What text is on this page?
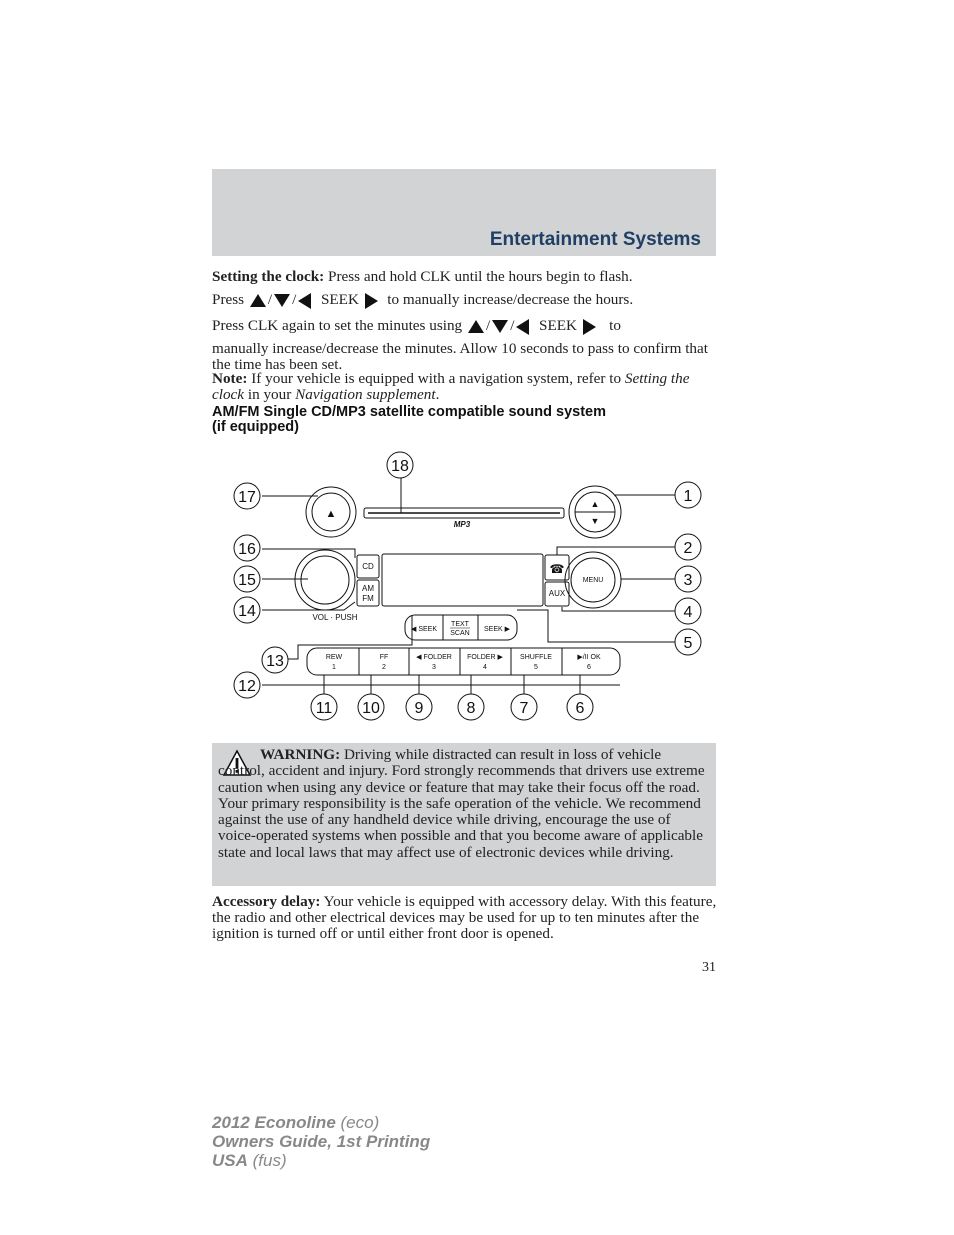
Entertainment Systems
Setting the clock: Press and hold CLK until the hours begin to flash.
Press / / SEEK to manually increase/decrease the hours.
Press CLK again to set the minutes using / / SEEK to
manually increase/decrease the minutes. Allow 10 seconds to pass to confirm that the time has been set.
Note: If your vehicle is equipped with a navigation system, refer to Setting the clock in your Navigation supplement.
AM/FM Single CD/MP3 satellite compatible sound system
(if equipped)
▲
▲
▼
MP3
CD
AM
FM
VOL · PUSH
☎
AUX
MENU
◀ SEEK
TEXT
SCAN
SEEK ▶
REW
1
FF
2
◀ FOLDER
3
FOLDER ▶
4
SHUFFLE
5
▶/II OK
6
18
17	1
16	2
15	3
14	4
5
13
12
11 10 9	8	7	6
WARNING: Driving while distracted can result in loss of vehicle control, accident and injury. Ford strongly recommends that drivers use extreme caution when using any device or feature that may take their focus off the road. Your primary responsibility is the safe operation of the vehicle. We recommend against the use of any handheld device while driving, encourage the use of voice-operated systems when possible and that you become aware of applicable state and local laws that may affect use of electronic devices while driving.
Accessory delay: Your vehicle is equipped with accessory delay. With this feature, the radio and other electrical devices may be used for up to ten minutes after the ignition is turned off or until either front door is opened.
31
2012 Econoline (eco)
Owners Guide, 1st Printing
USA (fus)
